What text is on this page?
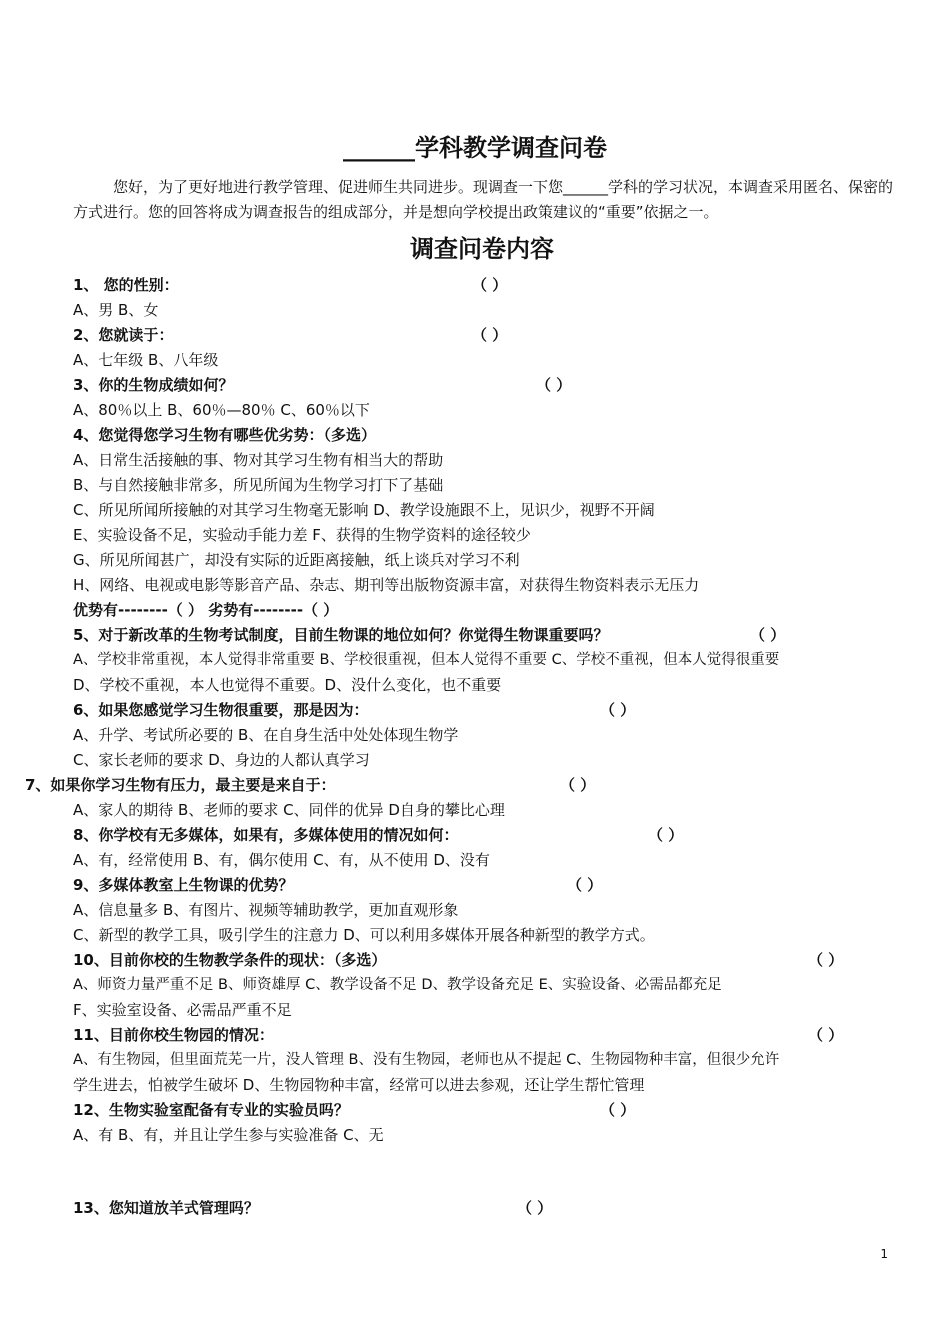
______学科教学调查问卷
您好，为了更好地进行教学管理、促进师生共同进步。现调查一下您______学科的学习状况，本调查采用匿名、保密的方式进行。您的回答将成为调查报告的组成部分，并是想向学校提出政策建议的“重要”依据之一。
调查问卷内容
1、 您的性别：	（ ）
A、男 B、女
2、您就读于：	（ ）
A、七年级 B、八年级
3、你的生物成绩如何？	（ ）
A、80％以上 B、60％—80％ C、60％以下
4、您觉得您学习生物有哪些优劣势：（多选）
A、日常生活接触的事、物对其学习生物有相当大的帮助
B、与自然接触非常多，所见所闻为生物学习打下了基础
C、所见所闻所接触的对其学习生物毫无影响 D、教学设施跟不上，见识少，视野不开阔
E、实验设备不足，实验动手能力差 F、获得的生物学资料的途径较少
G、所见所闻甚广，却没有实际的近距离接触，纸上谈兵对学习不利
H、网络、电视或电影等影音产品、杂志、期刊等出版物资源丰富，对获得生物资料表示无压力
优势有--------（ ） 劣势有--------（ ）
5、对于新改革的生物考试制度，目前生物课的地位如何？你觉得生物课重要吗？	（ ）
A、学校非常重视，本人觉得非常重要 B、学校很重视，但本人觉得不重要 C、学校不重视，但本人觉得很重要
D、学校不重视，本人也觉得不重要。D、没什么变化，也不重要
6、如果您感觉学习生物很重要，那是因为：	（ ）
A、升学、考试所必要的 B、在自身生活中处处体现生物学
C、家长老师的要求 D、身边的人都认真学习
7、如果你学习生物有压力，最主要是来自于：	（ ）
A、家人的期待 B、老师的要求 C、同伴的优异 D自身的攀比心理
8、你学校有无多媒体，如果有，多媒体使用的情况如何：	（ ）
A、有，经常使用 B、有，偶尔使用 C、有，从不使用 D、没有
9、多媒体教室上生物课的优势？	（ ）
A、信息量多 B、有图片、视频等辅助教学，更加直观形象
C、新型的教学工具，吸引学生的注意力 D、可以利用多媒体开展各种新型的教学方式。
10、目前你校的生物教学条件的现状：（多选）	（ ）
A、师资力量严重不足 B、师资雄厚 C、教学设备不足 D、教学设备充足 E、实验设备、必需品都充足
F、实验室设备、必需品严重不足
11、目前你校生物园的情况：	（ ）
A、有生物园，但里面荒芜一片，没人管理 B、没有生物园，老师也从不提起 C、生物园物种丰富，但很少允许
学生进去，怕被学生破坏 D、生物园物种丰富，经常可以进去参观，还让学生帮忙管理
12、生物实验室配备有专业的实验员吗？	（ ）
A、有 B、有，并且让学生参与实验准备 C、无
13、您知道放羊式管理吗？	（ ）
1
